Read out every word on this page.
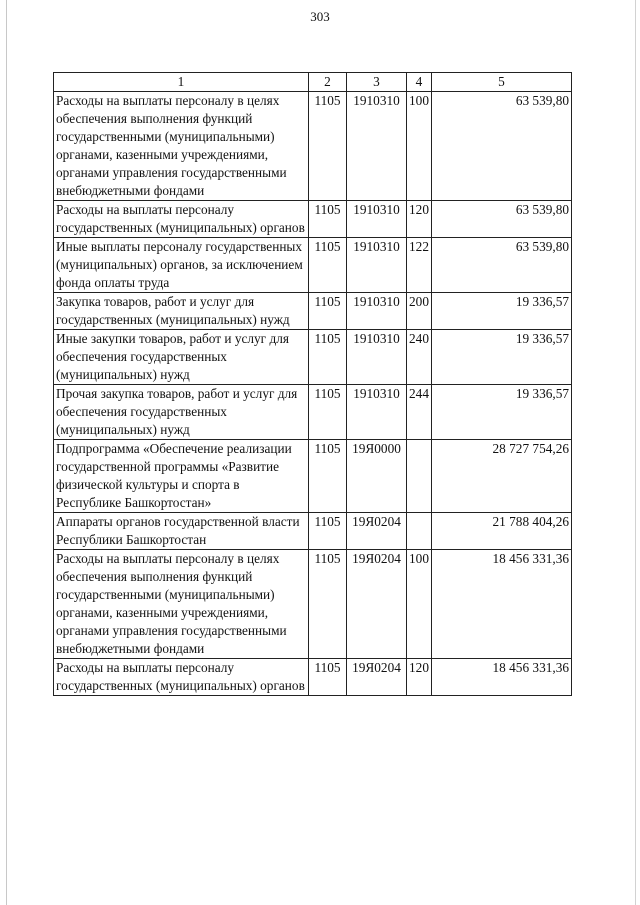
303
1	2	3	4	5
Расходы на выплаты персоналу в целях обеспечения выполнения функций государственными (муниципальными) органами, казенными учреждениями, органами управления государственными внебюджетными фондами	1105	1910310	100	63 539,80
Расходы на выплаты персоналу государственных (муниципальных) органов	1105	1910310	120	63 539,80
Иные выплаты персоналу государственных (муниципальных) органов, за исключением фонда оплаты труда	1105	1910310	122	63 539,80
Закупка товаров, работ и услуг для государственных (муниципальных) нужд	1105	1910310	200	19 336,57
Иные закупки товаров, работ и услуг для обеспечения государственных (муниципальных) нужд	1105	1910310	240	19 336,57
Прочая закупка товаров, работ и услуг для обеспечения государственных (муниципальных) нужд	1105	1910310	244	19 336,57
Подпрограмма «Обеспечение реализации государственной программы «Развитие физической культуры и спорта в Республике Башкортостан»	1105	19Я0000		28 727 754,26
Аппараты органов государственной власти Республики Башкортостан	1105	19Я0204		21 788 404,26
Расходы на выплаты персоналу в целях обеспечения выполнения функций государственными (муниципальными) органами, казенными учреждениями, органами управления государственными внебюджетными фондами	1105	19Я0204	100	18 456 331,36
Расходы на выплаты персоналу государственных (муниципальных) органов	1105	19Я0204	120	18 456 331,36
